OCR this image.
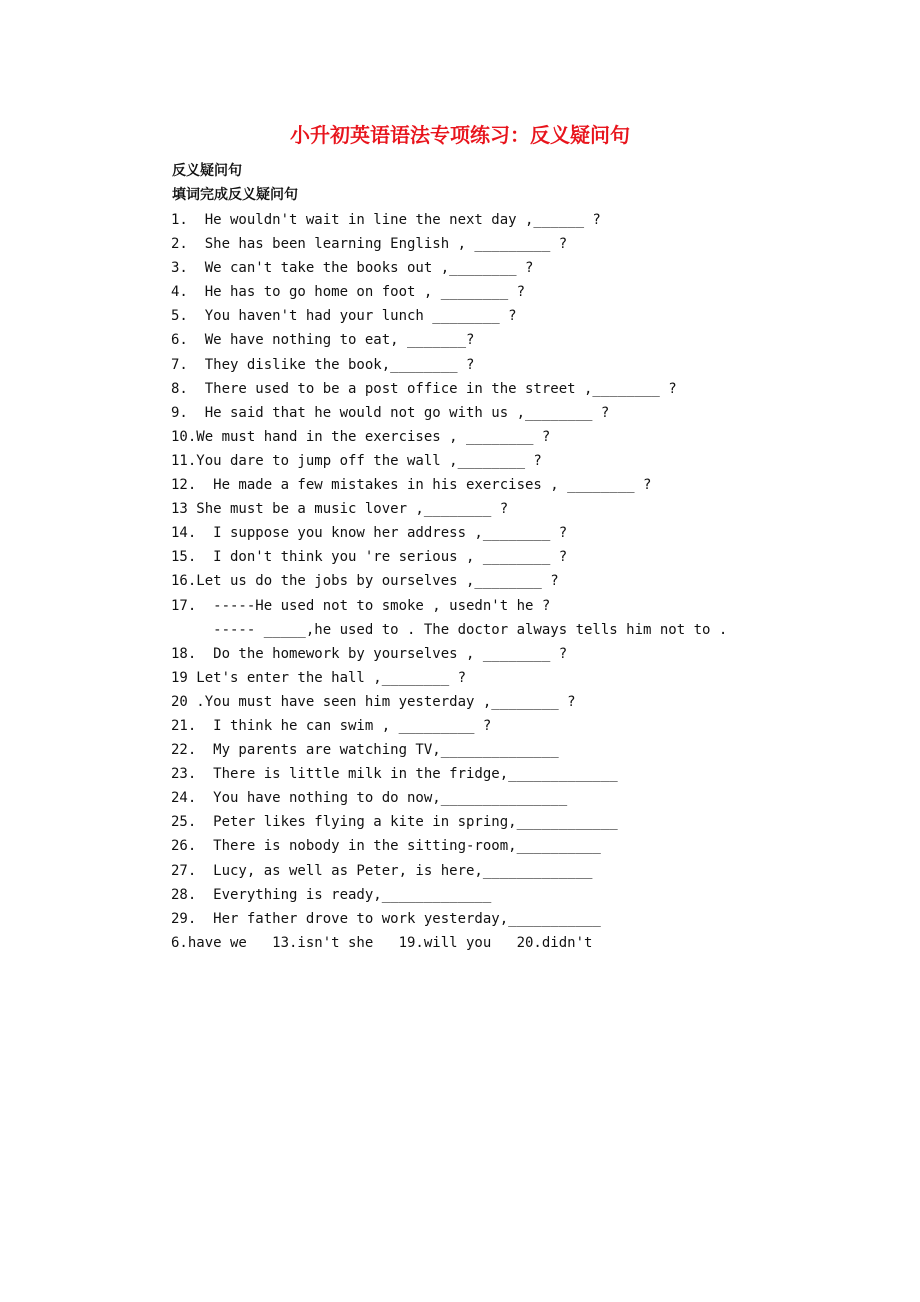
小升初英语语法专项练习：反义疑问句
反义疑问句
填词完成反义疑问句
1.  He wouldn't wait in line the next day ,______ ?
2.  She has been learning English , _________ ?
3.  We can't take the books out ,________ ?
4.  He has to go home on foot , ________ ?
5.  You haven't had your lunch ________ ?
6.  We have nothing to eat, _______?
7.  They dislike the book,________ ?
8.  There used to be a post office in the street ,________ ?
9.  He said that he would not go with us ,________ ?
10.We must hand in the exercises , ________ ?
11.You dare to jump off the wall ,________ ?
12.  He made a few mistakes in his exercises , ________ ?
13 She must be a music lover ,________ ?
14.  I suppose you know her address ,________ ?
15.  I don't think you 're serious , ________ ?
16.Let us do the jobs by ourselves ,________ ?
17.  -----He used not to smoke , usedn't he ?
----- _____,he used to . The doctor always tells him not to .
18.  Do the homework by yourselves , ________ ?
19 Let's enter the hall ,________ ?
20 .You must have seen him yesterday ,________ ?
21.  I think he can swim , _________ ?
22.  My parents are watching TV,______________
23.  There is little milk in the fridge,_____________
24.  You have nothing to do now,_______________
25.  Peter likes flying a kite in spring,____________
26.  There is nobody in the sitting-room,__________
27.  Lucy, as well as Peter, is here,_____________
28.  Everything is ready,_____________
29.  Her father drove to work yesterday,___________
6.have we   13.isn't she   19.will you   20.didn't
